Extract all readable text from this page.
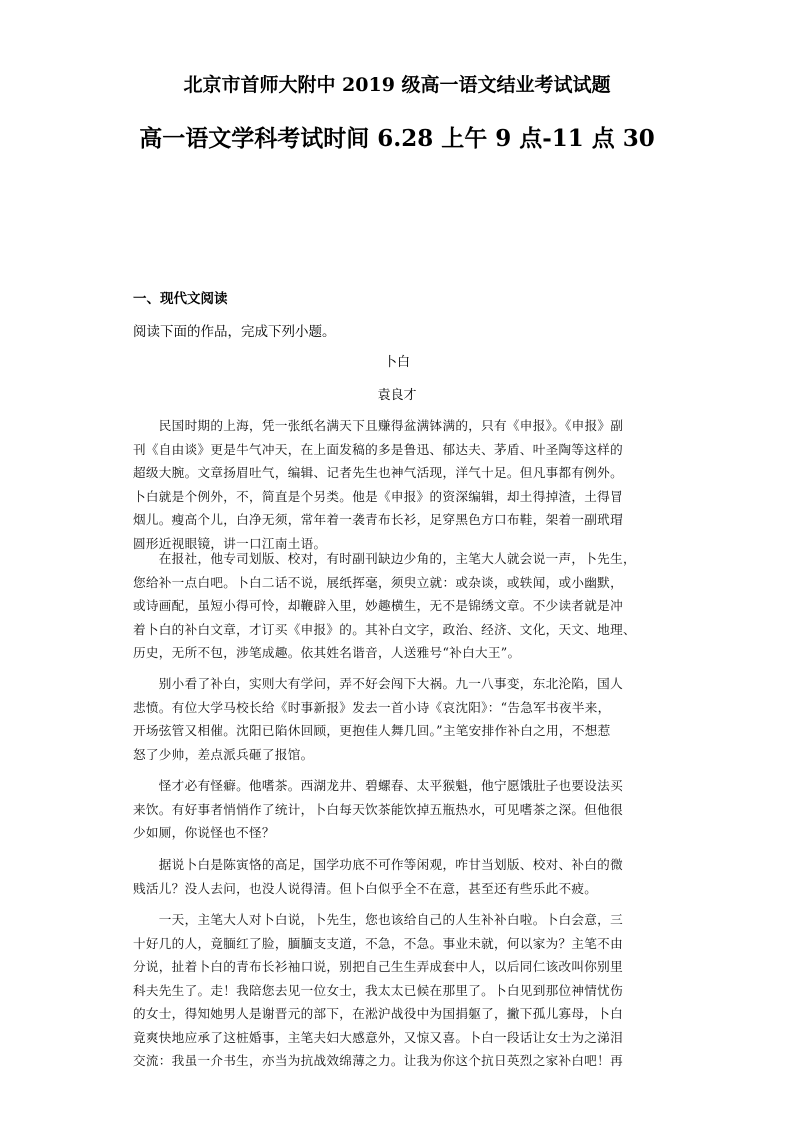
北京市首师大附中 2019 级高一语文结业考试试题
高一语文学科考试时间 6.28 上午 9 点-11 点 30
一、现代文阅读
阅读下面的作品，完成下列小题。
卜白
袁良才
　　民国时期的上海，凭一张纸名满天下且赚得盆满钵满的，只有《申报》。《申报》副
刊《自由谈》更是牛气冲天，在上面发稿的多是鲁迅、郁达夫、茅盾、叶圣陶等这样的
超级大腕。文章扬眉吐气，编辑、记者先生也神气活现，洋气十足。但凡事都有例外。
卜白就是个例外，不，简直是个另类。他是《申报》的资深编辑，却土得掉渣，土得冒
烟儿。瘦高个儿，白净无须，常年着一袭青布长衫，足穿黑色方口布鞋，架着一副玳瑁
圆形近视眼镜，讲一口江南土语。
　　在报社，他专司划版、校对，有时副刊缺边少角的，主笔大人就会说一声，卜先生，
您给补一点白吧。卜白二话不说，展纸挥毫，须臾立就：或杂谈，或轶闻，或小幽默，
或诗画配，虽短小得可怜，却鞭辟入里，妙趣横生，无不是锦绣文章。不少读者就是冲
着卜白的补白文章，才订买《申报》的。其补白文字，政治、经济、文化，天文、地理、
历史，无所不包，涉笔成趣。依其姓名谐音，人送雅号“补白大王”。
　　别小看了补白，实则大有学问，弄不好会闯下大祸。九一八事变，东北沦陷，国人
悲愤。有位大学马校长给《时事新报》发去一首小诗《哀沈阳》：“告急军书夜半来，
开场弦管又相催。沈阳已陷休回顾，更抱佳人舞几回。”主笔安排作补白之用，不想惹
怒了少帅，差点派兵砸了报馆。
　　怪才必有怪癖。他嗜茶。西湖龙井、碧螺春、太平猴魁，他宁愿饿肚子也要设法买
来饮。有好事者悄悄作了统计，卜白每天饮茶能饮掉五瓶热水，可见嗜茶之深。但他很
少如厕，你说怪也不怪？
　　据说卜白是陈寅恪的高足，国学功底不可作等闲观，咋甘当划版、校对、补白的微
贱活儿？没人去问，也没人说得清。但卜白似乎全不在意，甚至还有些乐此不疲。
　　一天，主笔大人对卜白说，卜先生，您也该给自己的人生补补白啦。卜白会意，三
十好几的人，竟腼红了脸，腼腼支支道，不急，不急。事业未就，何以家为？主笔不由
分说，扯着卜白的青布长衫袖口说，别把自己生生弄成套中人，以后同仁该改叫你别里
科夫先生了。走！我陪您去见一位女士，我太太已候在那里了。卜白见到那位神情忧伤
的女士，得知她男人是谢晋元的部下，在淞沪战役中为国捐躯了，撇下孤儿寡母，卜白
竟爽快地应承了这桩婚事，主笔夫妇大感意外，又惊又喜。卜白一段话让女士为之涕泪
交流：我虽一介书生，亦当为抗战效绵薄之力。让我为你这个抗日英烈之家补白吧！再
